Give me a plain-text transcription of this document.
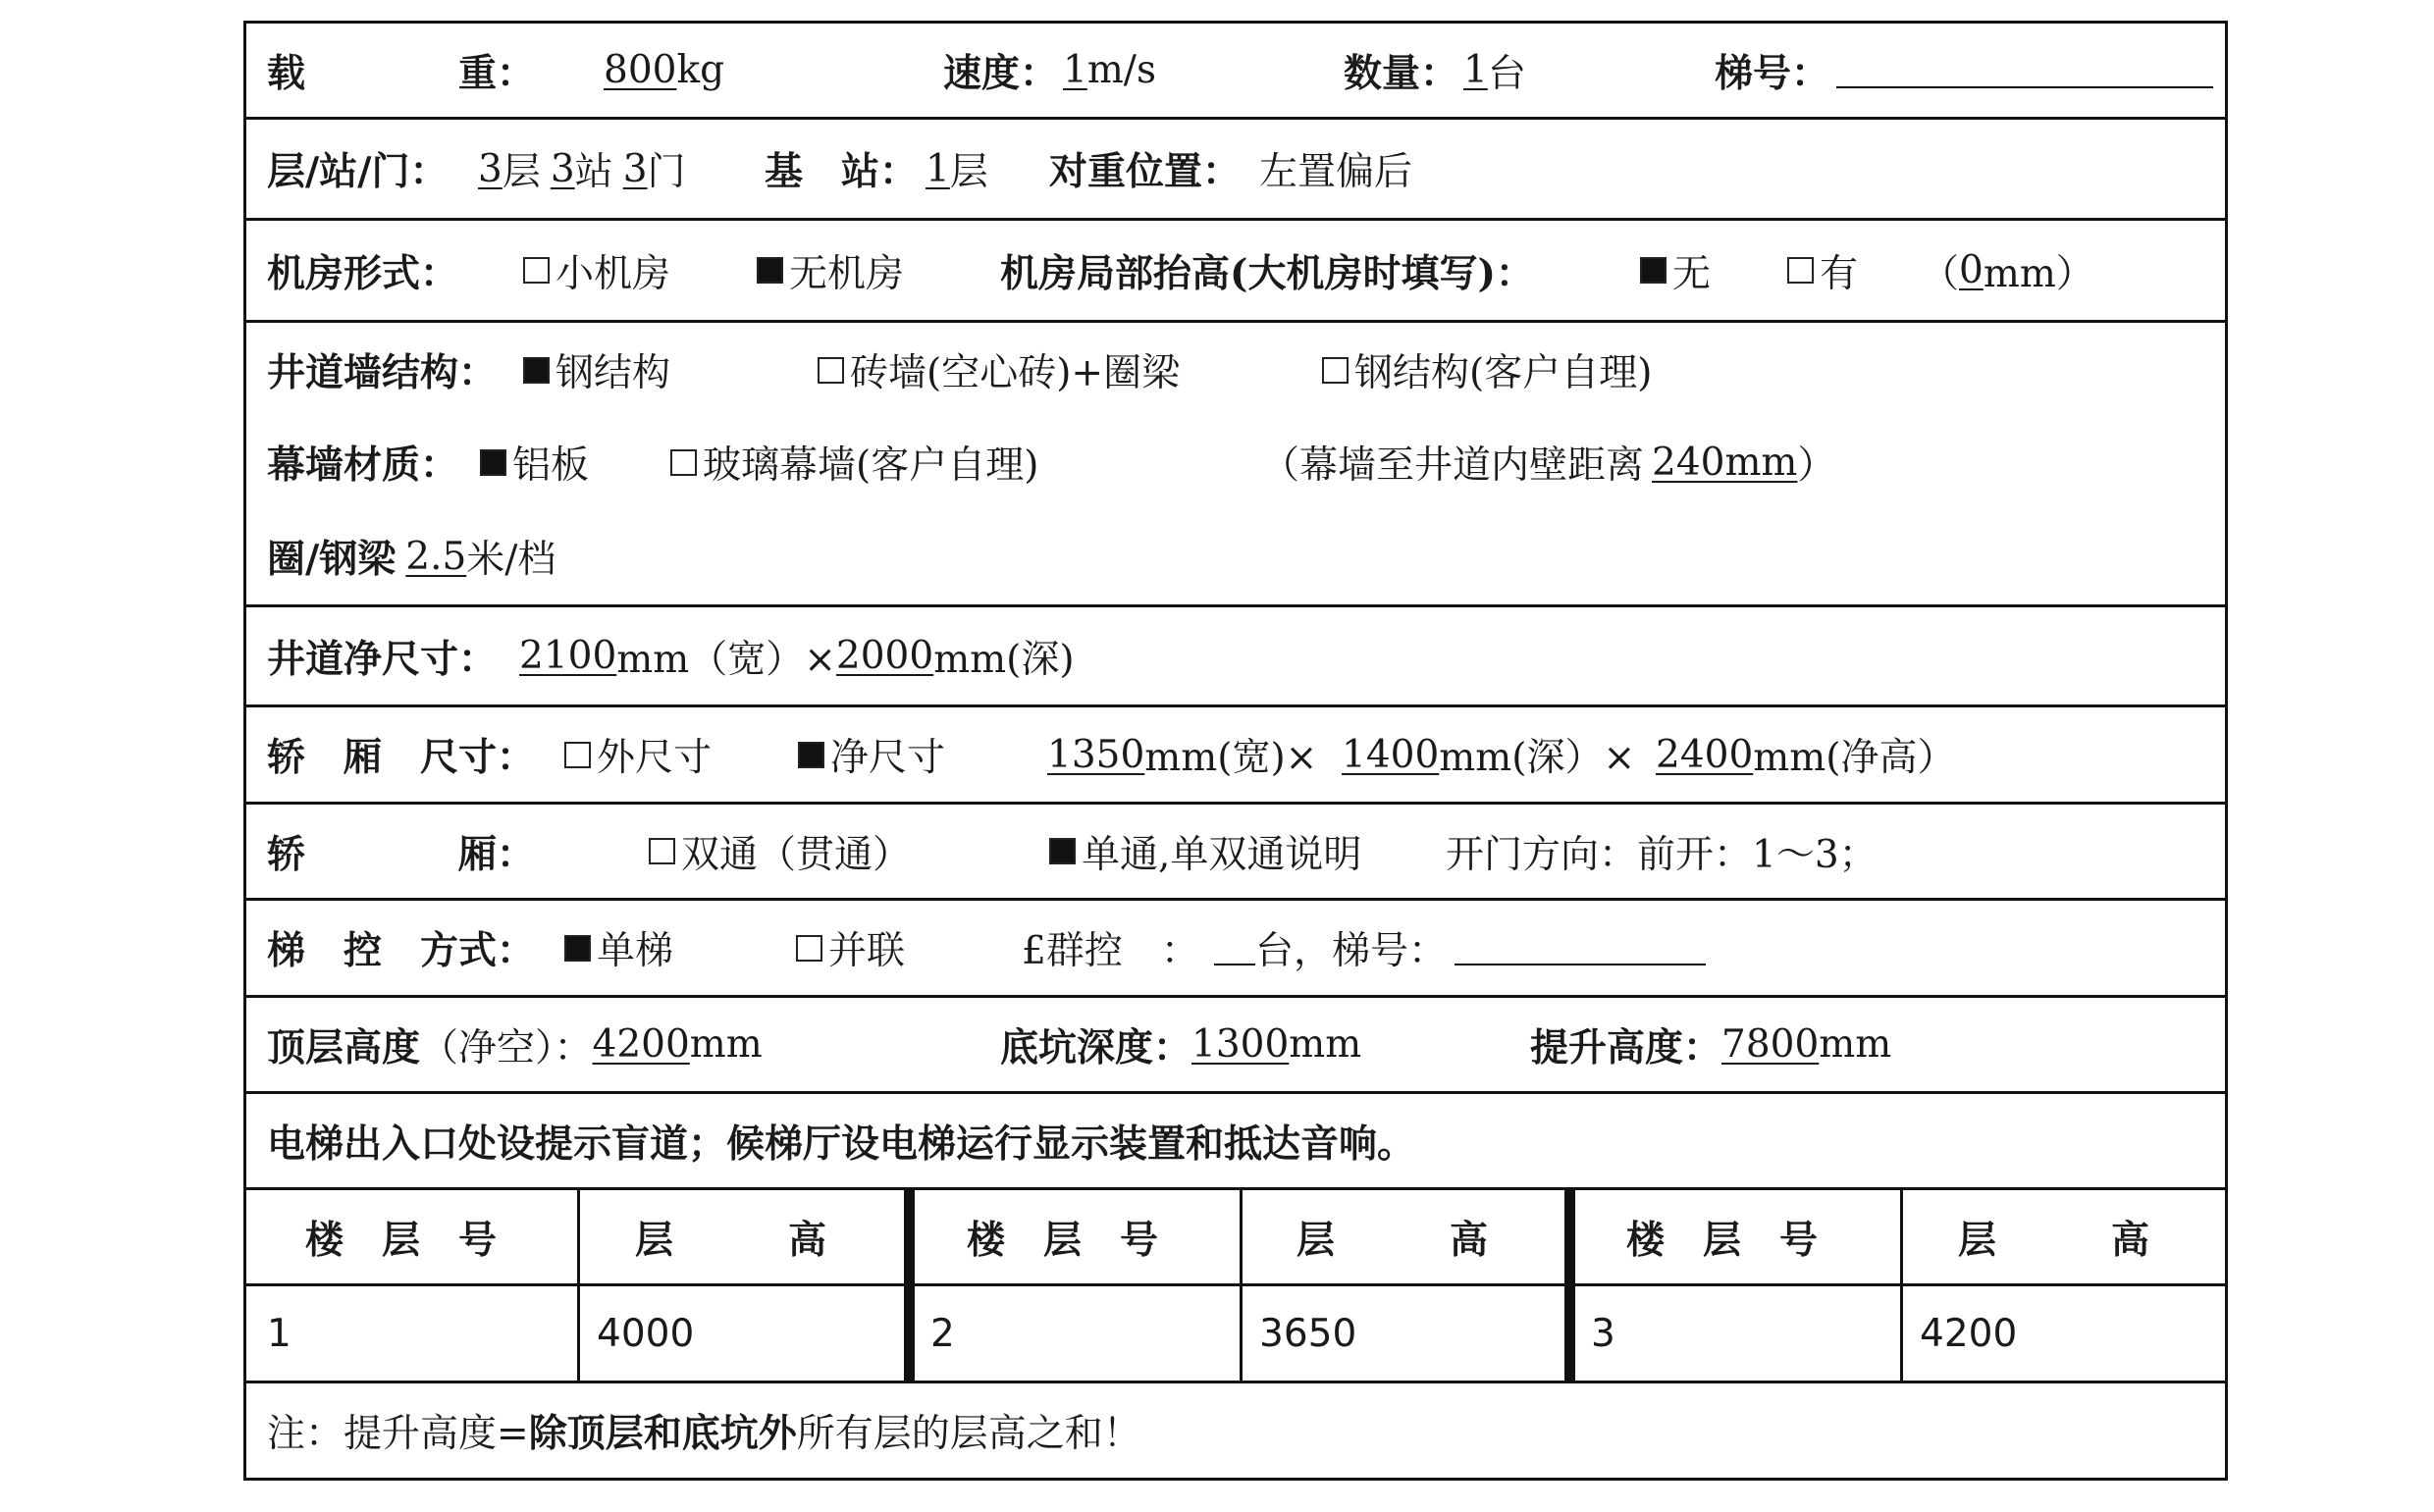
载　　　　重： 800 kg	速度： 1 m/s	数量： 1 台	梯号：
层/站/门： 3 层 3 站 3 门 基　站： 1 层 对重位置： 左置偏后
机房形式：	小机房	无机房	机房局部抬高(大机房时填写)：	无	有 （ 0 mm）
井道墙结构： 钢结构	砖墙(空心砖)+圈梁	钢结构(客户自理)
幕墙材质： 铝板	玻璃幕墙(客户自理)	（幕墙至井道内壁距离 240mm ）
圈/钢梁 2.5 米/档
井道净尺寸： 2100 mm（宽）× 2000 mm(深)
轿　厢　尺寸： 外尺寸	净尺寸	1350 mm(宽)× 1400 mm(深）× 2400 mm(净高）
轿　　　　厢：	双通（贯通）	单通,单双通说明 开门方向：前开：1～3；
梯　控　方式： 单梯	并联	£群控　： 台，梯号：
顶层高度 （净空）： 4200 mm	底坑深度： 1300 mm	提升高度： 7800 mm
电梯出入口处设提示盲道；候梯厅设电梯运行显示装置和抵达音响。
楼　层　号	层　　　高	楼　层　号	层　　　高	楼　层　号	层　　　高
1	4000	2	3650	3	4200
注：提升高度= 除顶层和底坑外 所有层的层高之和！
